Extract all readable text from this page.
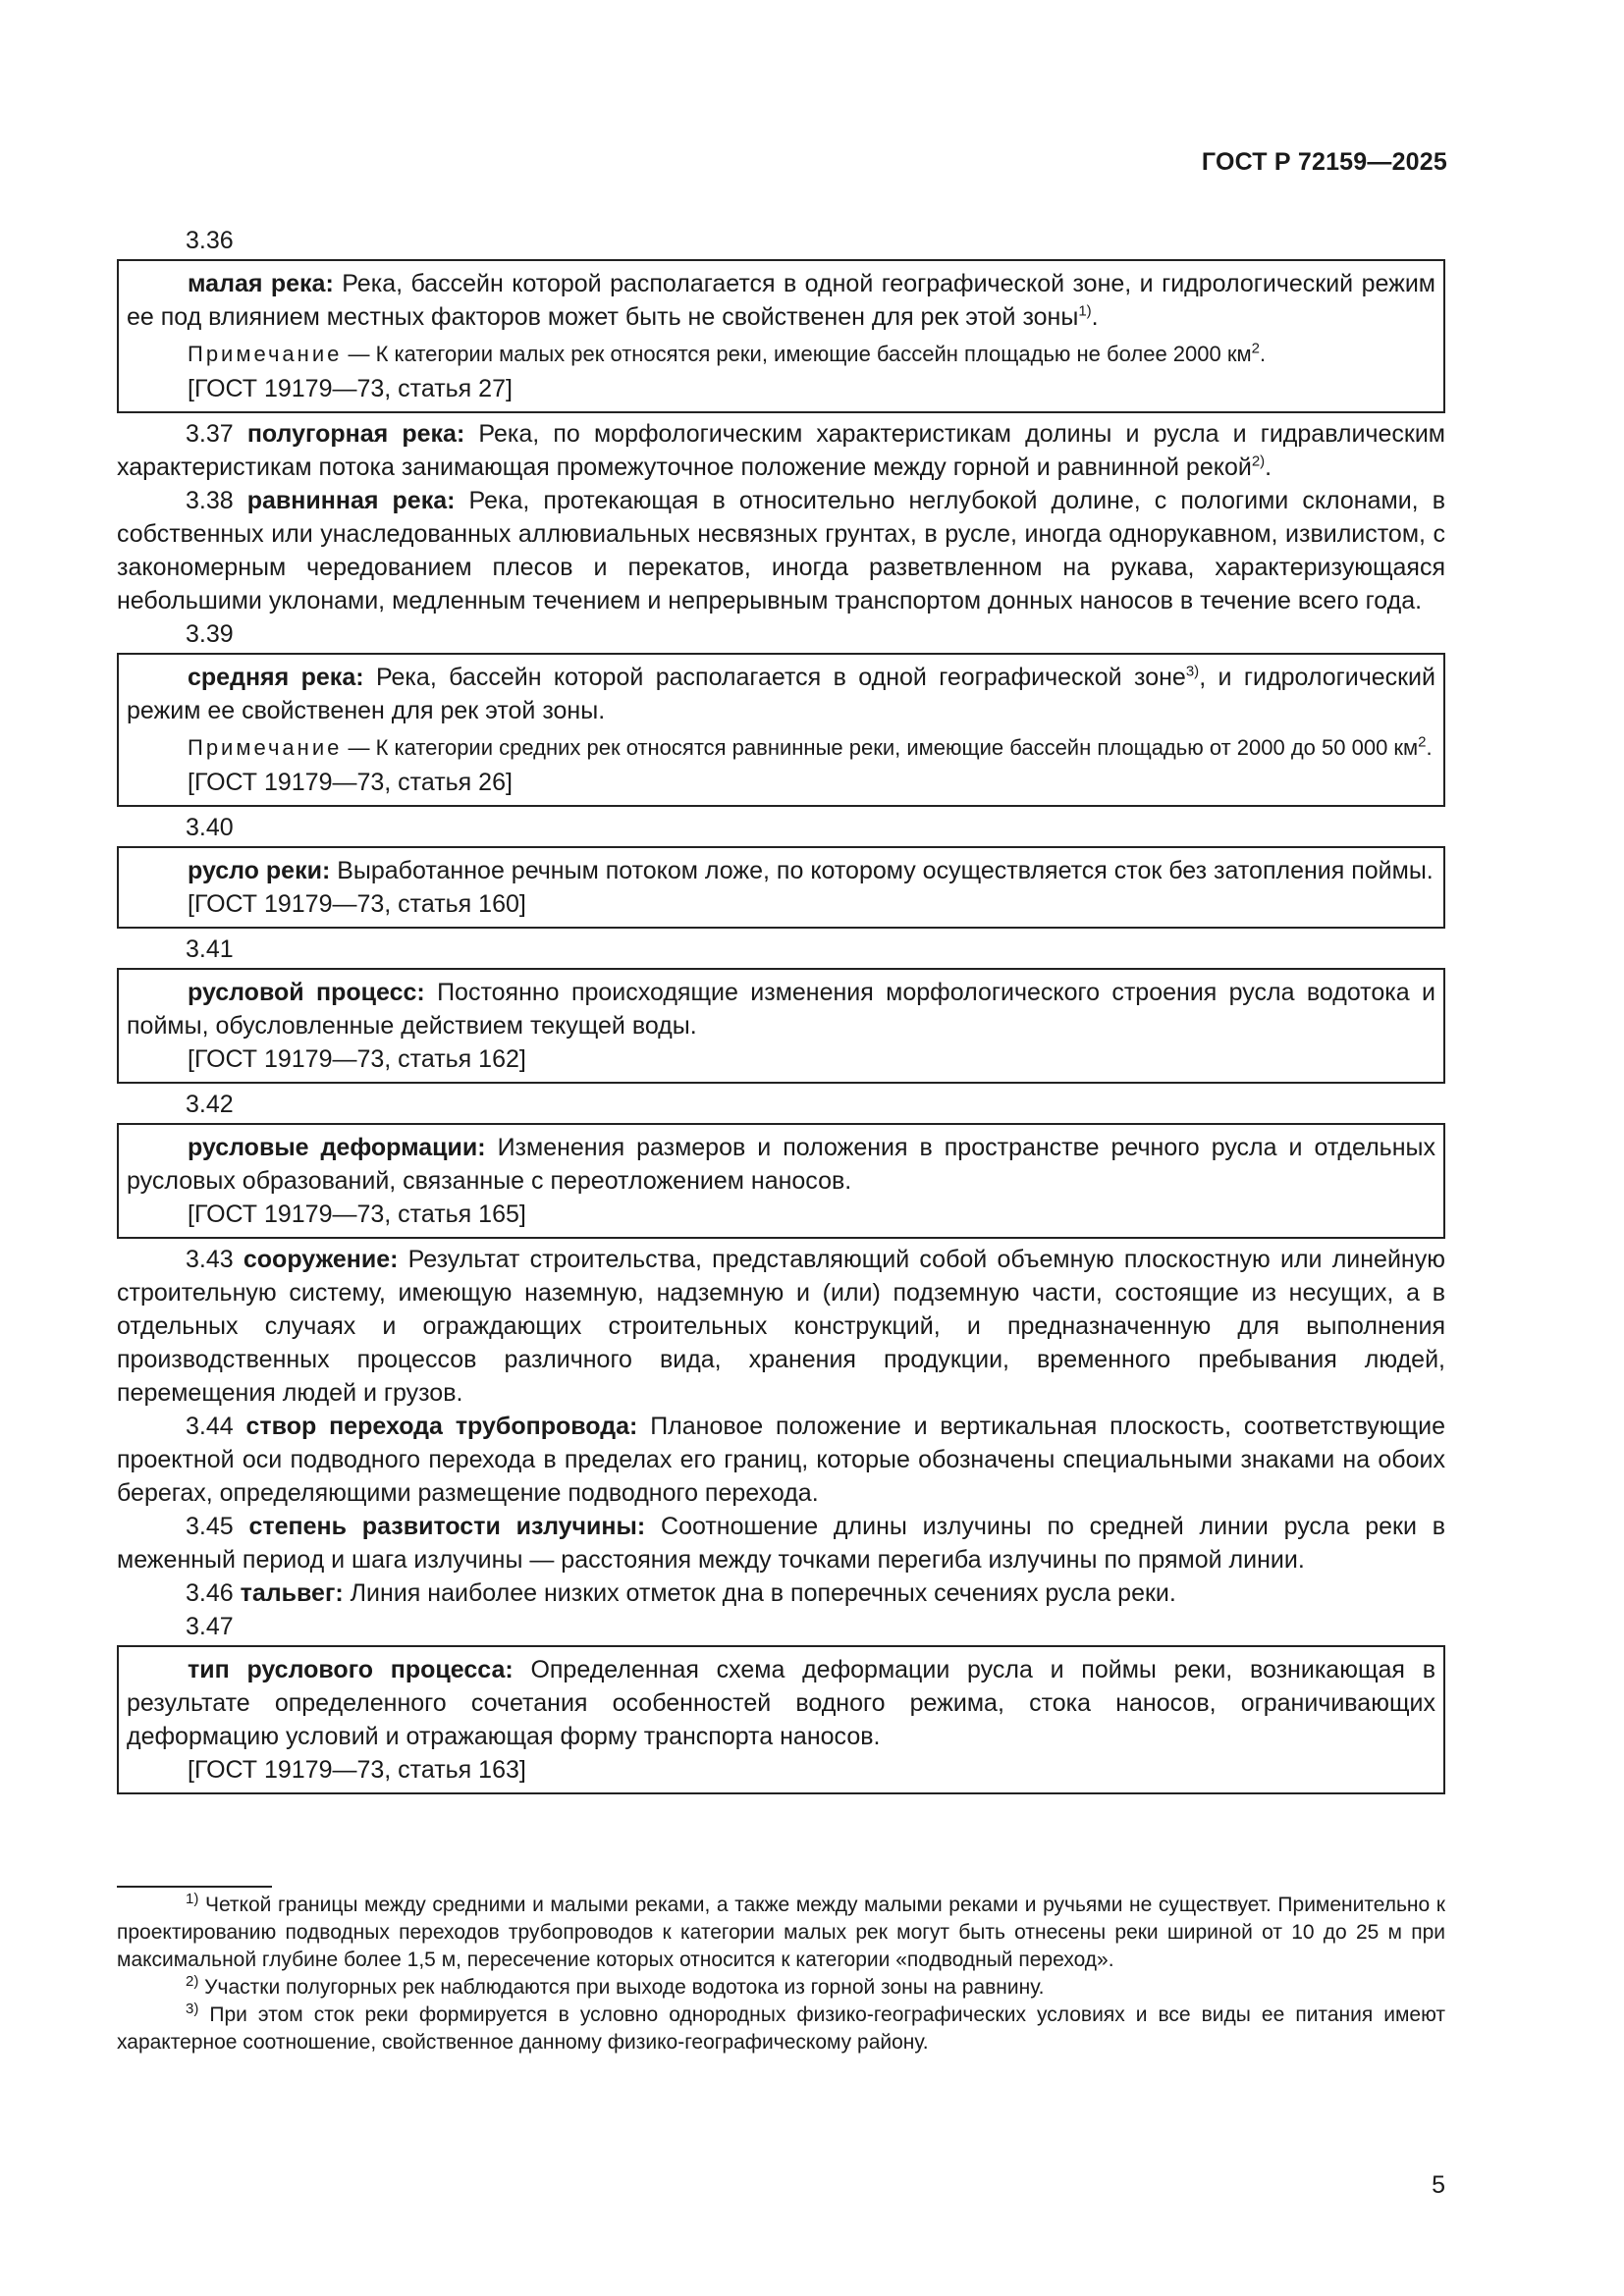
ГОСТ Р 72159—2025
3.36
малая река: Река, бассейн которой располагается в одной географической зоне, и гидрологический режим ее под влиянием местных факторов может быть не свойственен для рек этой зоны$^{1)}$.
Примечание — К категории малых рек относятся реки, имеющие бассейн площадью не более 2000 $км^2$.
[ГОСТ 19179—73, статья 27]
3.37 полугорная река: Река, по морфологическим характеристикам долины и русла и гидравлическим характеристикам потока занимающая промежуточное положение между горной и равнинной рекой$^{2)}$.
3.38 равнинная река: Река, протекающая в относительно неглубокой долине, с пологими склонами, в собственных или унаследованных аллювиальных несвязных грунтах, в русле, иногда однорукавном, извилистом, с закономерным чередованием плесов и перекатов, иногда разветвленном на рукава, характеризующаяся небольшими уклонами, медленным течением и непрерывным транспортом донных наносов в течение всего года.
3.39
средняя река: Река, бассейн которой располагается в одной географической зоне$^{3)}$, и гидрологический режим ее свойственен для рек этой зоны.
Примечание — К категории средних рек относятся равнинные реки, имеющие бассейн площадью от 2000 до 50 000 $км^2$.
[ГОСТ 19179—73, статья 26]
3.40
русло реки: Выработанное речным потоком ложе, по которому осуществляется сток без затопления поймы.
[ГОСТ 19179—73, статья 160]
3.41
русловой процесс: Постоянно происходящие изменения морфологического строения русла водотока и поймы, обусловленные действием текущей воды.
[ГОСТ 19179—73, статья 162]
3.42
русловые деформации: Изменения размеров и положения в пространстве речного русла и отдельных русловых образований, связанные с переотложением наносов.
[ГОСТ 19179—73, статья 165]
3.43 сооружение: Результат строительства, представляющий собой объемную плоскостную или линейную строительную систему, имеющую наземную, надземную и (или) подземную части, состоящие из несущих, а в отдельных случаях и ограждающих строительных конструкций, и предназначенную для выполнения производственных процессов различного вида, хранения продукции, временного пребывания людей, перемещения людей и грузов.
3.44 створ перехода трубопровода: Плановое положение и вертикальная плоскость, соответствующие проектной оси подводного перехода в пределах его границ, которые обозначены специальными знаками на обоих берегах, определяющими размещение подводного перехода.
3.45 степень развитости излучины: Соотношение длины излучины по средней линии русла реки в меженный период и шага излучины — расстояния между точками перегиба излучины по прямой линии.
3.46 тальвег: Линия наиболее низких отметок дна в поперечных сечениях русла реки.
3.47
тип руслового процесса: Определенная схема деформации русла и поймы реки, возникающая в результате определенного сочетания особенностей водного режима, стока наносов, ограничивающих деформацию условий и отражающая форму транспорта наносов.
[ГОСТ 19179—73, статья 163]
$^{1)}$ Четкой границы между средними и малыми реками, а также между малыми реками и ручьями не существует. Применительно к проектированию подводных переходов трубопроводов к категории малых рек могут быть отнесены реки шириной от 10 до 25 м при максимальной глубине более 1,5 м, пересечение которых относится к категории «подводный переход».
$^{2)}$ Участки полугорных рек наблюдаются при выходе водотока из горной зоны на равнину.
$^{3)}$ При этом сток реки формируется в условно однородных физико-географических условиях и все виды ее питания имеют характерное соотношение, свойственное данному физико-географическому району.
5
